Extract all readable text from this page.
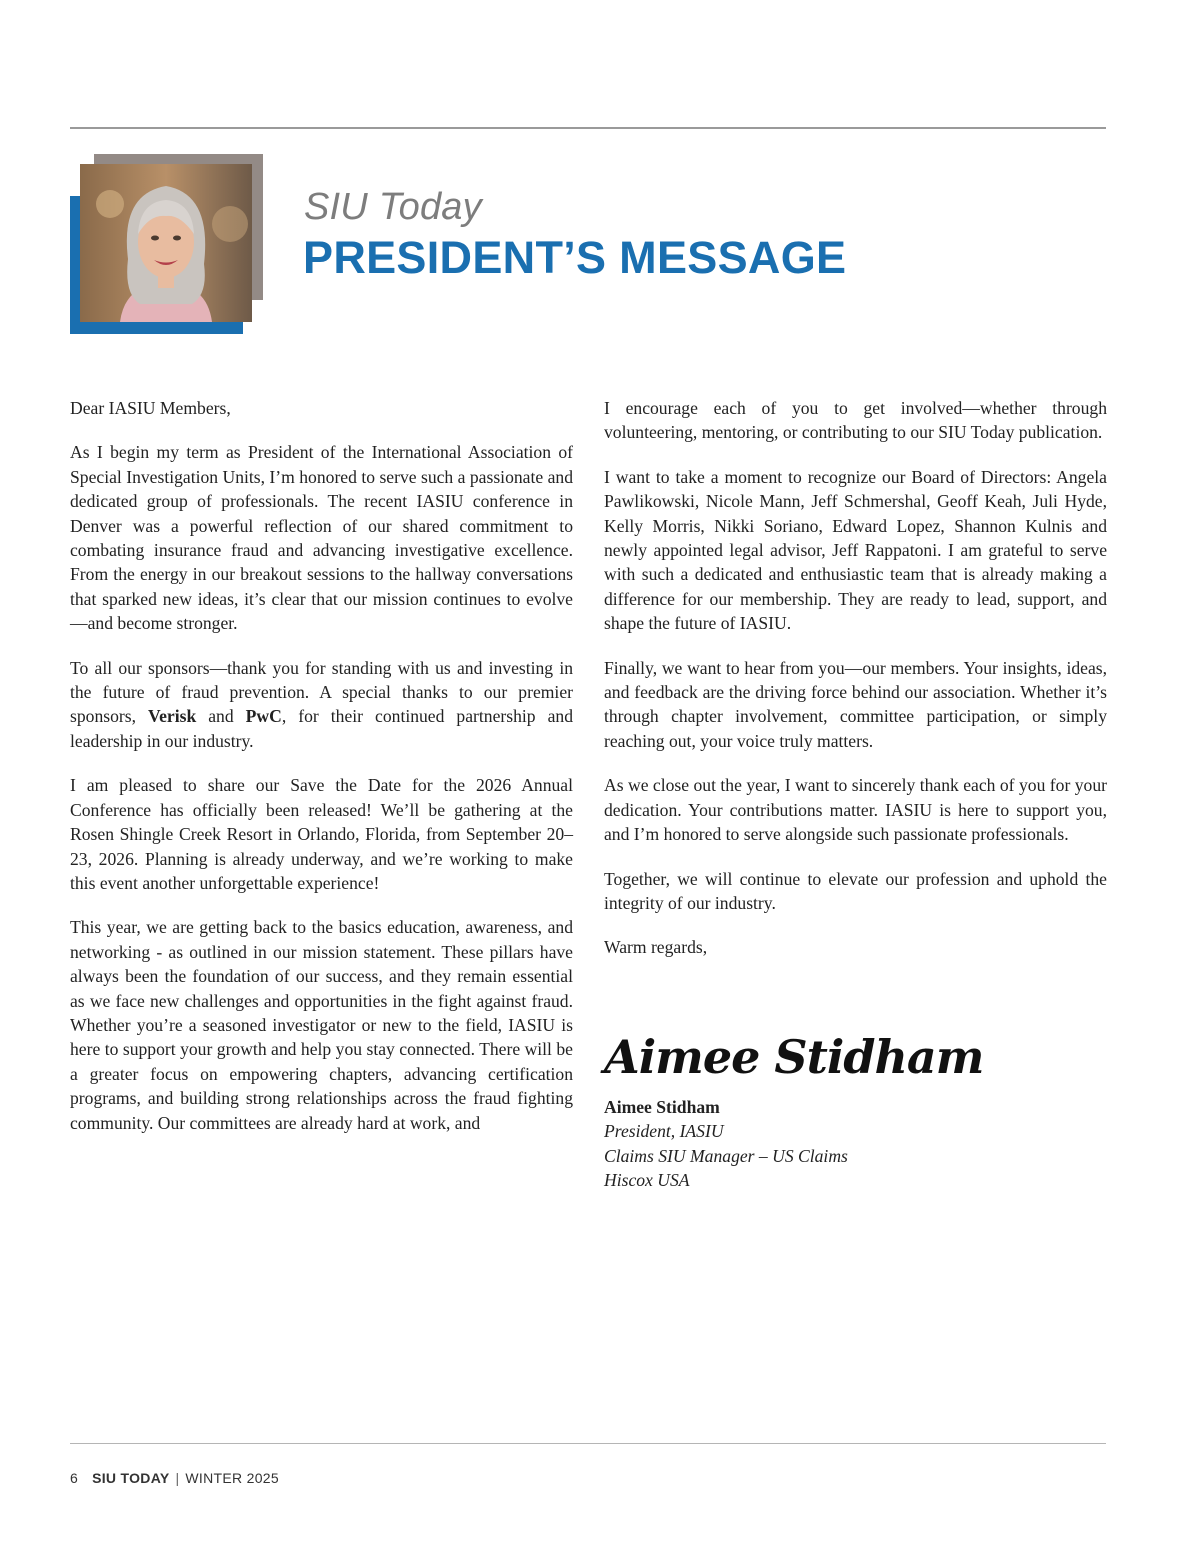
SIU Today
PRESIDENT’S MESSAGE

Dear IASIU Members,

As I begin my term as President of the International Association of Special Investigation Units, I’m honored to serve such a passionate and dedicated group of professionals. The recent IASIU conference in Denver was a powerful reflection of our shared commitment to combating insurance fraud and advancing investigative excellence. From the energy in our breakout sessions to the hallway conversations that sparked new ideas, it’s clear that our mission continues to evolve—and become stronger.

To all our sponsors—thank you for standing with us and investing in the future of fraud prevention. A special thanks to our premier sponsors, Verisk and PwC, for their continued partnership and leadership in our industry.

I am pleased to share our Save the Date for the 2026 Annual Conference has officially been released! We’ll be gathering at the Rosen Shingle Creek Resort in Orlando, Florida, from September 20–23, 2026. Planning is already underway, and we’re working to make this event another unforgettable experience!

This year, we are getting back to the basics education, awareness, and networking - as outlined in our mission statement. These pillars have always been the foundation of our success, and they remain essential as we face new challenges and opportunities in the fight against fraud. Whether you’re a seasoned investigator or new to the field, IASIU is here to support your growth and help you stay connected. There will be a greater focus on empowering chapters, advancing certification programs, and building strong relationships across the fraud fighting community. Our committees are already hard at work, and

I encourage each of you to get involved—whether through volunteering, mentoring, or contributing to our SIU Today publication.

I want to take a moment to recognize our Board of Directors: Angela Pawlikowski, Nicole Mann, Jeff Schmershal, Geoff Keah, Juli Hyde, Kelly Morris, Nikki Soriano, Edward Lopez, Shannon Kulnis and newly appointed legal advisor, Jeff Rappatoni. I am grateful to serve with such a dedicated and enthusiastic team that is already making a difference for our membership. They are ready to lead, support, and shape the future of IASIU.

Finally, we want to hear from you—our members. Your insights, ideas, and feedback are the driving force behind our association. Whether it’s through chapter involvement, committee participation, or simply reaching out, your voice truly matters.

As we close out the year, I want to sincerely thank each of you for your dedication. Your contributions matter. IASIU is here to support you, and I’m honored to serve alongside such passionate professionals.

Together, we will continue to elevate our profession and uphold the integrity of our industry.

Warm regards,

Aimee Stidham
Aimee Stidham
President, IASIU
Claims SIU Manager – US Claims
Hiscox USA
6 SIU TODAY | WINTER 2025
